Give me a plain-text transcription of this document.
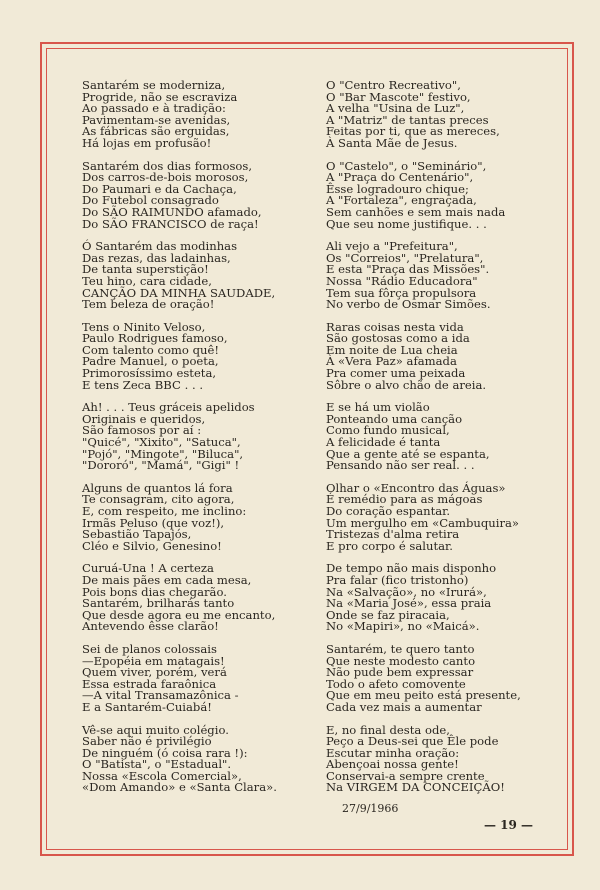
Santarém se moderniza,
Progride, não se escraviza
Ao passado e à tradição:
Pavimentam-se avenidas,
As fábricas são erguidas,
Há lojas em profusão!
Santarém dos dias formosos,
Dos carros-de-bois morosos,
Do Paumari e da Cachaça,
Do Futebol consagrado
Do SÃO RAIMUNDO afamado,
Do SÃO FRANCISCO de raça!
Ó Santarém das modinhas
Das rezas, das ladainhas,
De tanta superstição!
Teu hino, cara cidade,
CANÇÃO DA MINHA SAUDADE,
Tem beleza de oração!
Tens o Ninito Veloso,
Paulo Rodrigues famoso,
Com talento como quê!
Padre Manuel, o poeta,
Primorosíssimo esteta,
E tens Zeca BBC . . .
Ah! . . . Teus gráceis apelidos
Originais e queridos,
São famosos por aí :
"Quicé", "Xixito", "Satuca",
"Pojó", "Mingote", "Biluca",
"Dororó", "Mamá", "Gigi" !
Alguns de quantos lá fora
Te consagram, cito agora,
E, com respeito, me inclino:
Irmãs Peluso (que voz!),
Sebastião Tapajós,
Cléo e Silvio, Genesino!
Curuá-Una ! A certeza
De mais pães em cada mesa,
Pois bons dias chegarão.
Santarém, brilharás tanto
Que desde agora eu me encanto,
Antevendo êsse clarão!
Sei de planos colossais
—Epopéia em matagais!
Quem viver, porém, verá
Essa estrada faraônica
—A vital Transamazônica -
E a Santarém-Cuiabá!
Vê-se aqui muito colégio.
Saber não é privilégio
De ninguém (ó coisa rara !):
O "Batista", o "Estadual".
Nossa «Escola Comercial»,
«Dom Amando» e «Santa Clara».
O "Centro Recreativo",
O "Bar Mascote" festivo,
A velha "Usina de Luz",
A "Matriz" de tantas preces
Feitas por ti, que as mereces,
À Santa Mãe de Jesus.
O "Castelo", o "Seminário",
A "Praça do Centenário",
Êsse logradouro chique;
A "Fortaleza", engraçada,
Sem canhões e sem mais nada
Que seu nome justifique. . .
Ali vejo a "Prefeitura",
Os "Correios", "Prelatura",
E esta "Praça das Missões".
Nossa "Rádio Educadora"
Tem sua fôrça propulsora
No verbo de Osmar Simões.
Raras coisas nesta vida
São gostosas como a ida
Em noite de Lua cheia
À «Vera Paz» afamada
Pra comer uma peixada
Sôbre o alvo chão de areia.
E se há um violão
Ponteando uma canção
Como fundo musical,
A felicidade é tanta
Que a gente até se espanta,
Pensando não ser real. . .
Olhar o «Encontro das Águas»
É remédio para as mágoas
Do coração espantar.
Um mergulho em «Cambuquira»
Tristezas d'alma retira
E pro corpo é salutar.
De tempo não mais disponho
Pra falar (fico tristonho)
Na «Salvação», no «Irurá»,
Na «Maria José», essa praia
Onde se faz piracaia,
No «Mapiri», no «Maicá».
Santarém, te quero tanto
Que neste modesto canto
Não pude bem expressar
Todo o afeto comovente
Que em meu peito está presente,
Cada vez mais a aumentar
E, no final desta ode,
Peço a Deus-sei que Êle pode
Escutar minha oração:
Abençoai nossa gente!
Conservai-a sempre crente
Na VIRGEM DA CONCEIÇÃO!
27/9/1966
— 19 —
